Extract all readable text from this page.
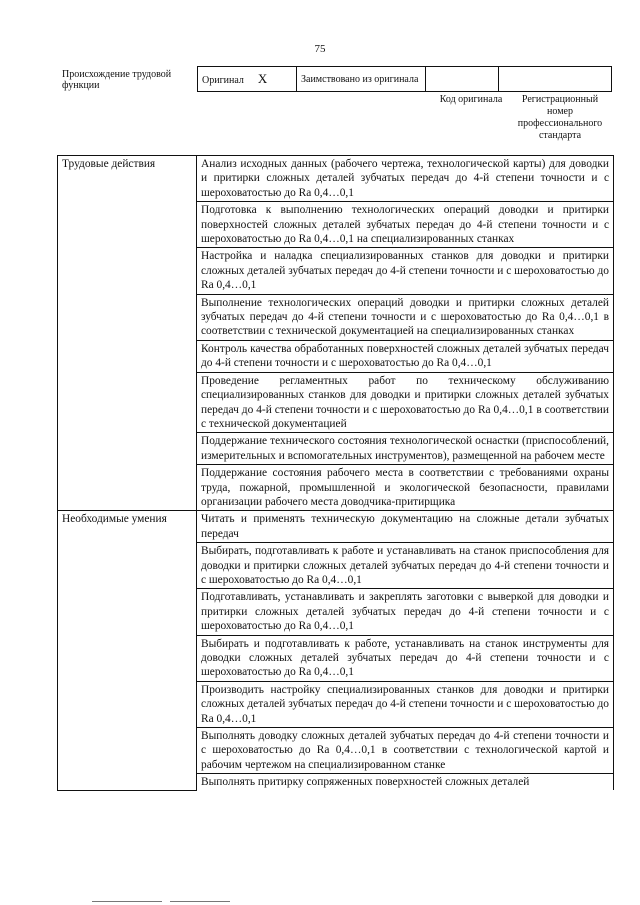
75
Происхождение трудовой функции	Оригинал X	Заимствовано из оригинала		
Код оригинала	Регистрационный номер профессионального стандарта
Трудовые действия	Анализ исходных данных (рабочего чертежа, технологической карты) для доводки и притирки сложных деталей зубчатых передач до 4-й степени точности и с шероховатостью до Ra 0,4…0,1
	Подготовка к выполнению технологических операций доводки и притирки поверхностей сложных деталей зубчатых передач до 4-й степени точности и с шероховатостью до Ra 0,4…0,1 на специализированных станках
	Настройка и наладка специализированных станков для доводки и притирки сложных деталей зубчатых передач до 4-й степени точности и с шероховатостью до Ra 0,4…0,1
	Выполнение технологических операций доводки и притирки сложных деталей зубчатых передач до 4-й степени точности и с шероховатостью до Ra 0,4…0,1 в соответствии с технической документацией на специализированных станках
	Контроль качества обработанных поверхностей сложных деталей зубчатых передач до 4-й степени точности и с шероховатостью до Ra 0,4…0,1
	Проведение регламентных работ по техническому обслуживанию специализированных станков для доводки и притирки сложных деталей зубчатых передач до 4-й степени точности и с шероховатостью до Ra 0,4…0,1 в соответствии с технической документацией
	Поддержание технического состояния технологической оснастки (приспособлений, измерительных и вспомогательных инструментов), размещенной на рабочем месте
	Поддержание состояния рабочего места в соответствии с требованиями охраны труда, пожарной, промышленной и экологической безопасности, правилами организации рабочего места доводчика-притирщика
Необходимые умения	Читать и применять техническую документацию на сложные детали зубчатых передач
	Выбирать, подготавливать к работе и устанавливать на станок приспособления для доводки и притирки сложных деталей зубчатых передач до 4-й степени точности и с шероховатостью до Ra 0,4…0,1
	Подготавливать, устанавливать и закреплять заготовки с выверкой для доводки и притирки сложных деталей зубчатых передач до 4-й степени точности и с шероховатостью до Ra 0,4…0,1
	Выбирать и подготавливать к работе, устанавливать на станок инструменты для доводки сложных деталей зубчатых передач до 4-й степени точности и с шероховатостью до Ra 0,4…0,1
	Производить настройку специализированных станков для доводки и притирки сложных деталей зубчатых передач до 4-й степени точности и с шероховатостью до Ra 0,4…0,1
	Выполнять доводку сложных деталей зубчатых передач до 4-й степени точности и с шероховатостью до Ra 0,4…0,1 в соответствии с технологической картой и рабочим чертежом на специализированном станке

	Выполнять притирку сопряженных поверхностей сложных деталей
